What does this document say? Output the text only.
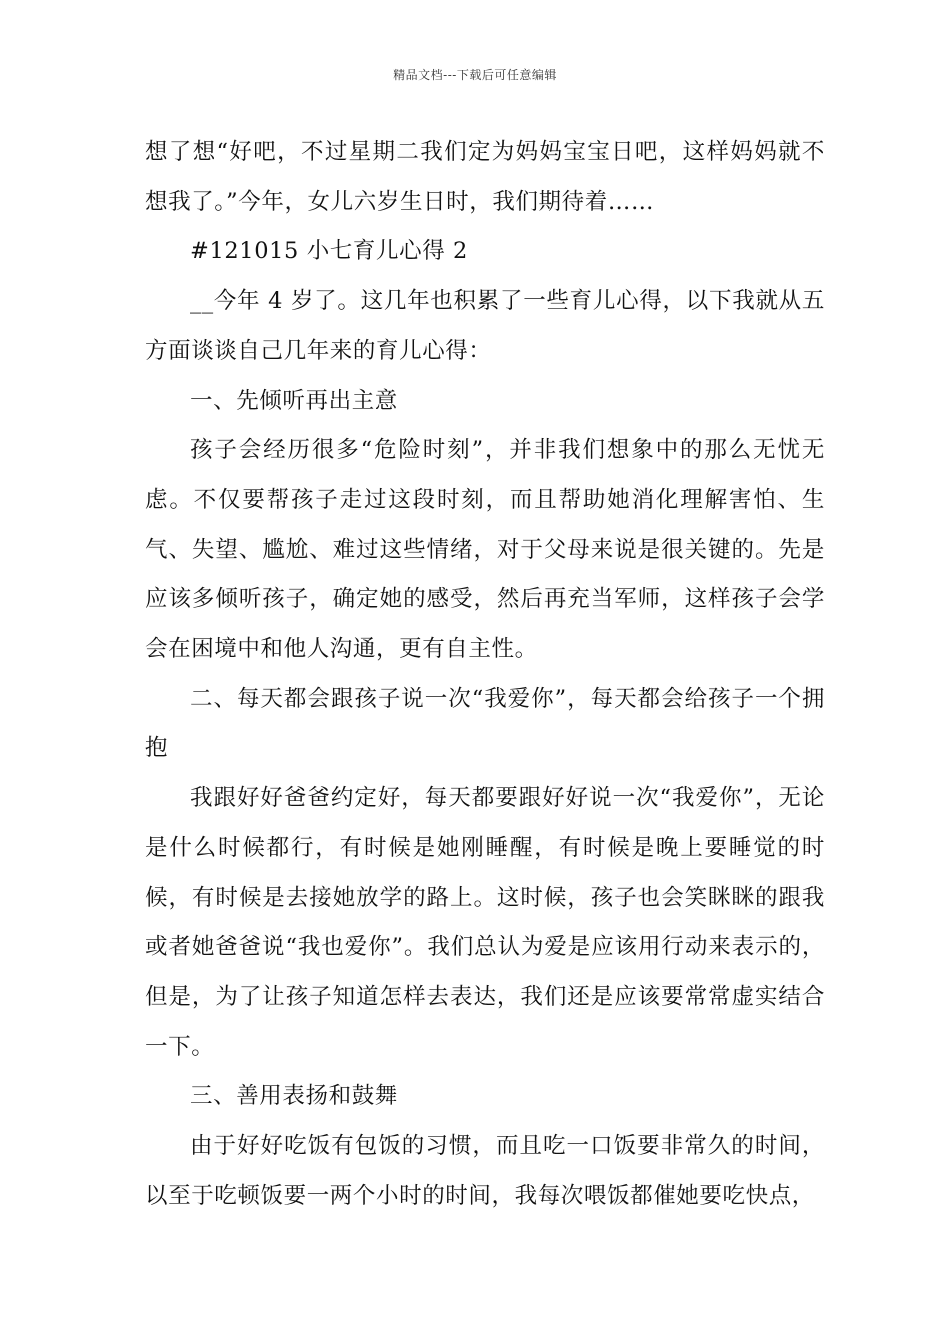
精品文档---下载后可任意编辑

想了想“好吧，不过星期二我们定为妈妈宝宝日吧，这样妈妈就不想我了。”今年，女儿六岁生日时，我们期待着……

#121015 小七育儿心得 2

__今年 4 岁了。这几年也积累了一些育儿心得，以下我就从五方面谈谈自己几年来的育儿心得：

一、先倾听再出主意

孩子会经历很多“危险时刻”，并非我们想象中的那么无忧无虑。不仅要帮孩子走过这段时刻，而且帮助她消化理解害怕、生气、失望、尴尬、难过这些情绪，对于父母来说是很关键的。先是应该多倾听孩子，确定她的感受，然后再充当军师，这样孩子会学会在困境中和他人沟通，更有自主性。

二、每天都会跟孩子说一次“我爱你”，每天都会给孩子一个拥抱

我跟好好爸爸约定好，每天都要跟好好说一次“我爱你”，无论是什么时候都行，有时候是她刚睡醒，有时候是晚上要睡觉的时候，有时候是去接她放学的路上。这时候，孩子也会笑眯眯的跟我或者她爸爸说“我也爱你”。我们总认为爱是应该用行动来表示的，但是，为了让孩子知道怎样去表达，我们还是应该要常常虚实结合一下。

三、善用表扬和鼓舞

由于好好吃饭有包饭的习惯，而且吃一口饭要非常久的时间，以至于吃顿饭要一两个小时的时间，我每次喂饭都催她要吃快点，
